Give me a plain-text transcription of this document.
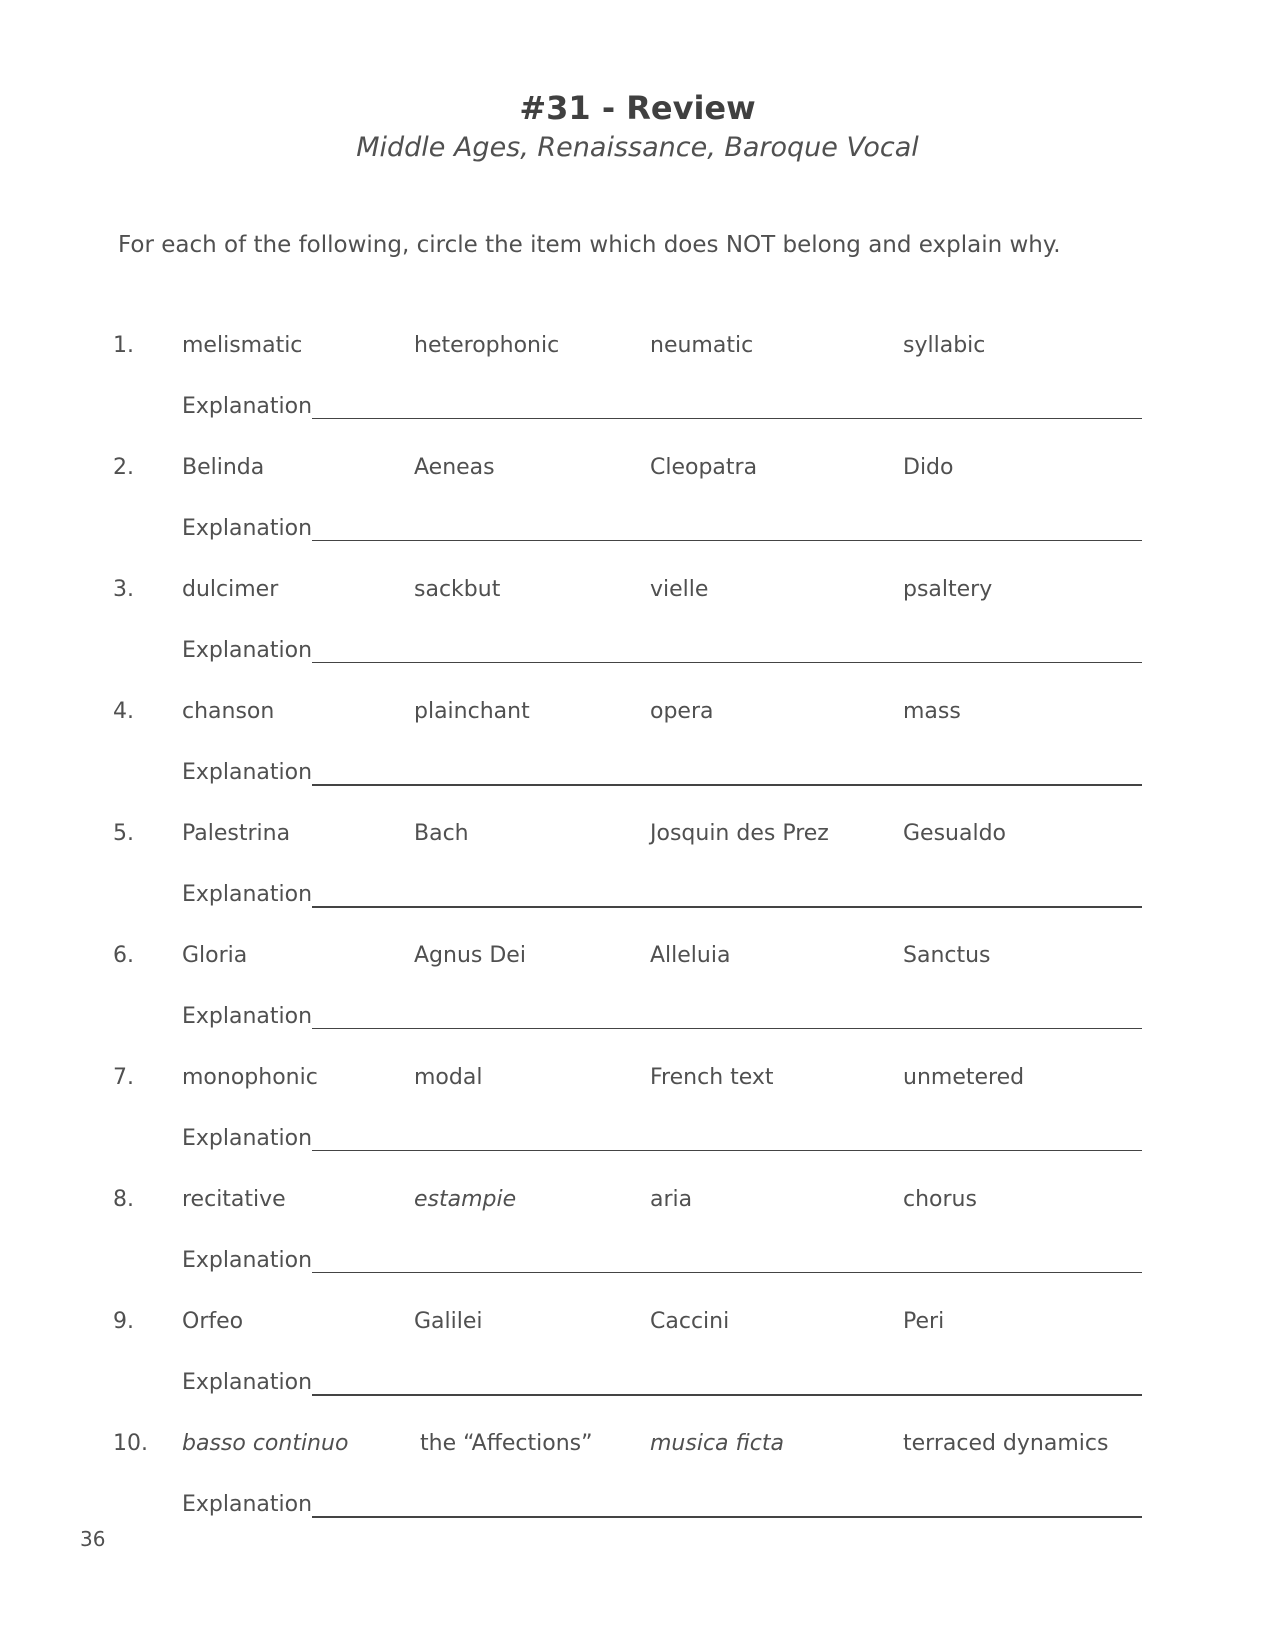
#31 - Review
Middle Ages, Renaissance, Baroque Vocal
For each of the following, circle the item which does NOT belong and explain why.
1. melismatic	heterophonic	neumatic	syllabic
Explanation
2. Belinda	Aeneas	Cleopatra	Dido
Explanation
3. dulcimer	sackbut	vielle	psaltery
Explanation
4. chanson	plainchant	opera	mass
Explanation
5. Palestrina	Bach	Josquin des Prez	Gesualdo
Explanation
6. Gloria	Agnus Dei	Alleluia	Sanctus
Explanation
7. monophonic	modal	French text	unmetered
Explanation
8. recitative	estampie	aria	chorus
Explanation
9. Orfeo	Galilei	Caccini	Peri
Explanation
10. basso continuo	the “Affections”	musica ficta	terraced dynamics
Explanation
36
